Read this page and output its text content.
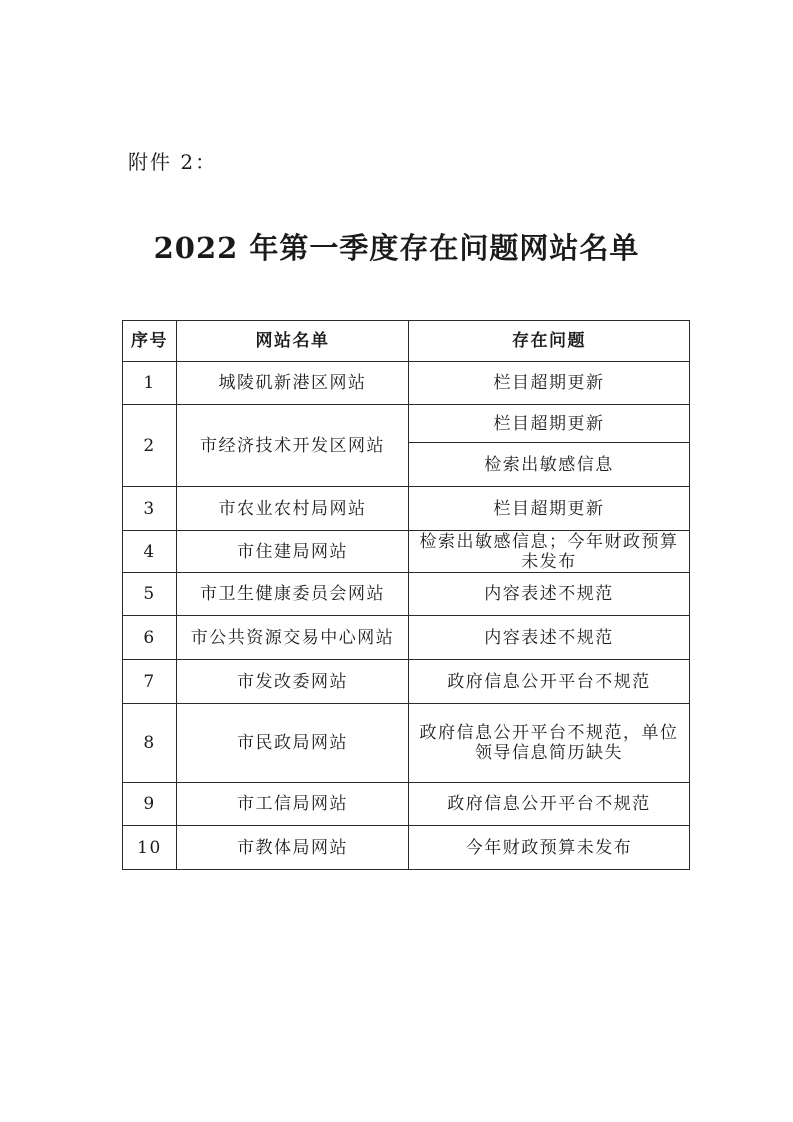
附件 2：
2022 年第一季度存在问题网站名单
序号	网站名单	存在问题
1	城陵矶新港区网站	栏目超期更新
2	市经济技术开发区网站	栏目超期更新
		检索出敏感信息
3	市农业农村局网站	栏目超期更新
4	市住建局网站	检索出敏感信息；今年财政预算未发布
5	市卫生健康委员会网站	内容表述不规范
6	市公共资源交易中心网站	内容表述不规范
7	市发改委网站	政府信息公开平台不规范
8	市民政局网站	政府信息公开平台不规范，单位领导信息简历缺失
9	市工信局网站	政府信息公开平台不规范
10	市教体局网站	今年财政预算未发布
